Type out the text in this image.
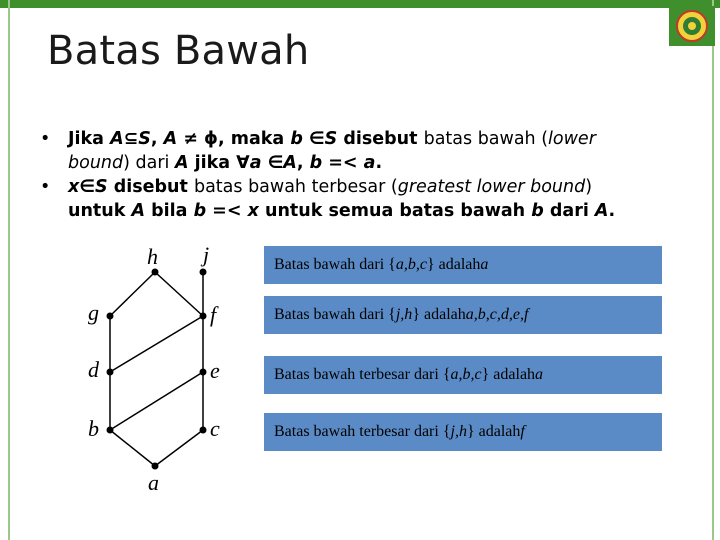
Batas Bawah
• Jika A⊆S, A ≠ ɸ, maka b ∈S disebut batas bawah (lower
bound) dari A jika ∀a ∈A, b =< a.
• x∈S disebut batas bawah terbesar (greatest lower bound)
untuk A bila b =< x untuk semua batas bawah b dari A.
h j
g	f
d	e
b	c
a
Batas bawah dari { a,b,c } adalah a
Batas bawah dari { j,h } adalah a,b,c,d,e,f
Batas bawah terbesar dari { a,b,c } adalah a
Batas bawah terbesar dari { j,h } adalah f
